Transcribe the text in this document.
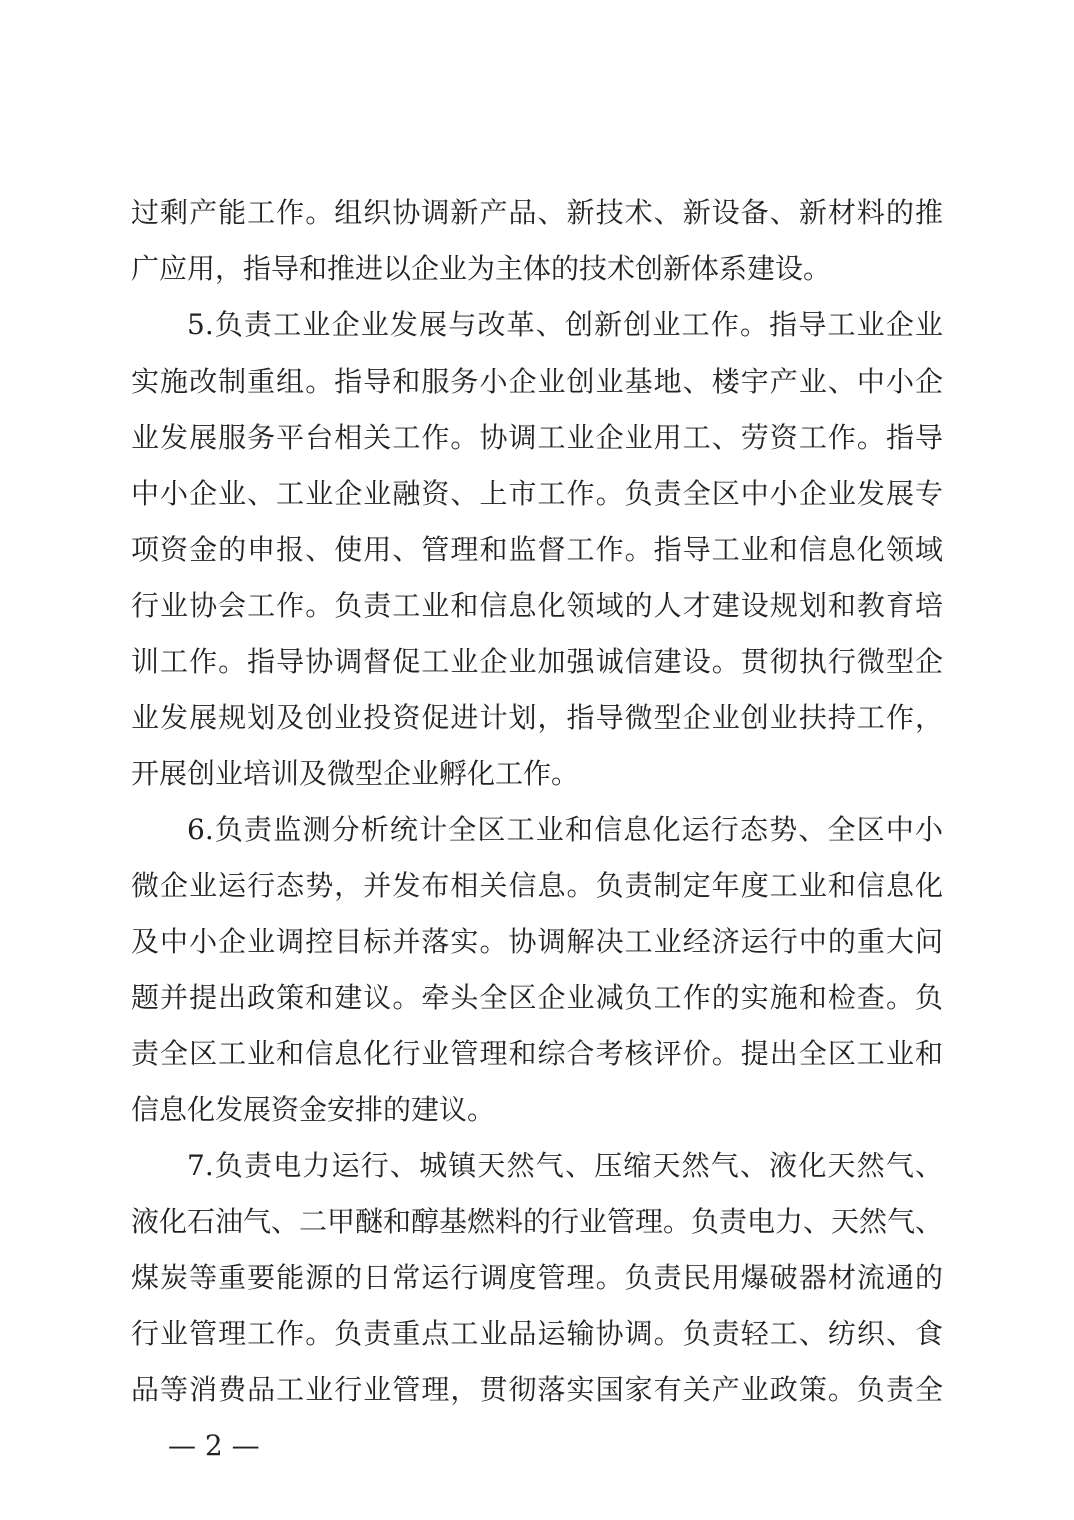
过剩产能工作。组织协调新产品、新技术、新设备、新材料的推
广应用，指导和推进以企业为主体的技术创新体系建设。
5.负责工业企业发展与改革、创新创业工作。指导工业企业
实施改制重组。指导和服务小企业创业基地、楼宇产业、中小企
业发展服务平台相关工作。协调工业企业用工、劳资工作。指导
中小企业、工业企业融资、上市工作。负责全区中小企业发展专
项资金的申报、使用、管理和监督工作。指导工业和信息化领域
行业协会工作。负责工业和信息化领域的人才建设规划和教育培
训工作。指导协调督促工业企业加强诚信建设。贯彻执行微型企
业发展规划及创业投资促进计划，指导微型企业创业扶持工作，
开展创业培训及微型企业孵化工作。
6.负责监测分析统计全区工业和信息化运行态势、全区中小
微企业运行态势，并发布相关信息。负责制定年度工业和信息化
及中小企业调控目标并落实。协调解决工业经济运行中的重大问
题并提出政策和建议。牵头全区企业减负工作的实施和检查。负
责全区工业和信息化行业管理和综合考核评价。提出全区工业和
信息化发展资金安排的建议。
7.负责电力运行、城镇天然气、压缩天然气、液化天然气、
液化石油气、二甲醚和醇基燃料的行业管理。负责电力、天然气、
煤炭等重要能源的日常运行调度管理。负责民用爆破器材流通的
行业管理工作。负责重点工业品运输协调。负责轻工、纺织、食
品等消费品工业行业管理，贯彻落实国家有关产业政策。负责全
— 2 —
